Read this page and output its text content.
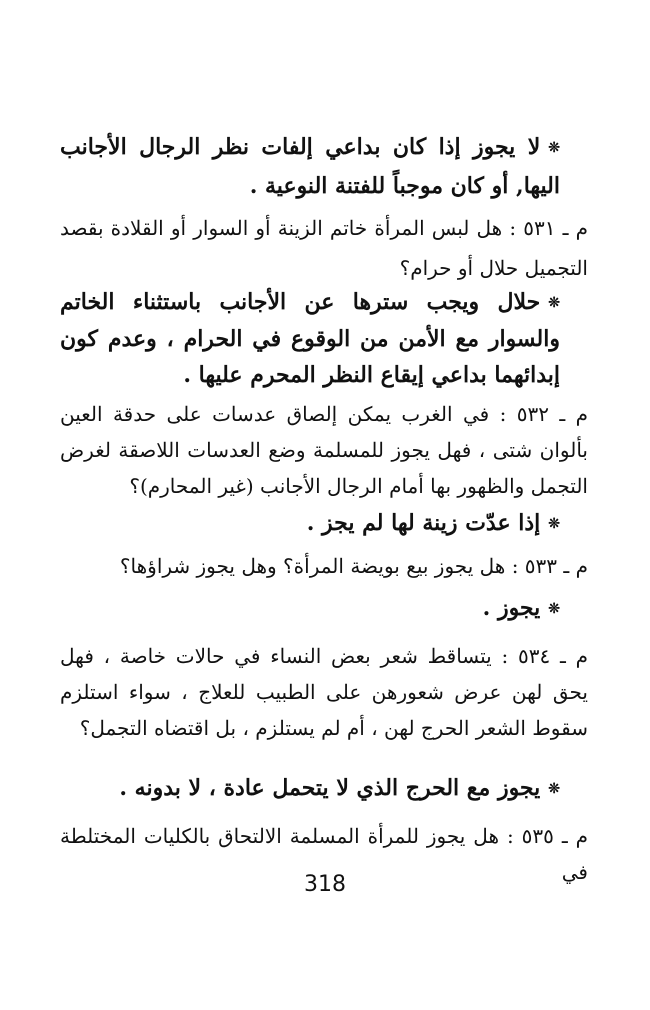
❊لا يجوز إذا كان بداعي إلفات نظر الرجال الأجانب اليها, أو كان موجباً للفتنة النوعية .
م ـ ٥٣١ : هل لبس المرأة خاتم الزينة أو السوار أو القلادة بقصد التجميل حلال أو حرام؟
❊حلال ويجب سترها عن الأجانب باستثناء الخاتم والسوار مع الأمن من الوقوع في الحرام ، وعدم كون إبدائهما بداعي إيقاع النظر المحرم عليها .
م ـ ٥٣٢ : في الغرب يمكن إلصاق عدسات على حدقة العين بألوان شتى ، فهل يجوز للمسلمة وضع العدسات اللاصقة لغرض التجمل والظهور بها أمام الرجال الأجانب (غير المحارم)؟
❊إذا عدّت زينة لها لم يجز .
م ـ ٥٣٣ : هل يجوز بيع بويضة المرأة؟ وهل يجوز شراؤها؟
❊يجوز .
م ـ ٥٣٤ : يتساقط شعر بعض النساء في حالات خاصة ، فهل يحق لهن عرض شعورهن على الطبيب للعلاج ، سواء استلزم سقوط الشعر الحرج لهن ، أم لم يستلزم ، بل اقتضاه التجمل؟
❊يجوز مع الحرج الذي لا يتحمل عادة ، لا بدونه .
م ـ ٥٣٥ : هل يجوز للمرأة المسلمة الالتحاق بالكليات المختلطة في
318
